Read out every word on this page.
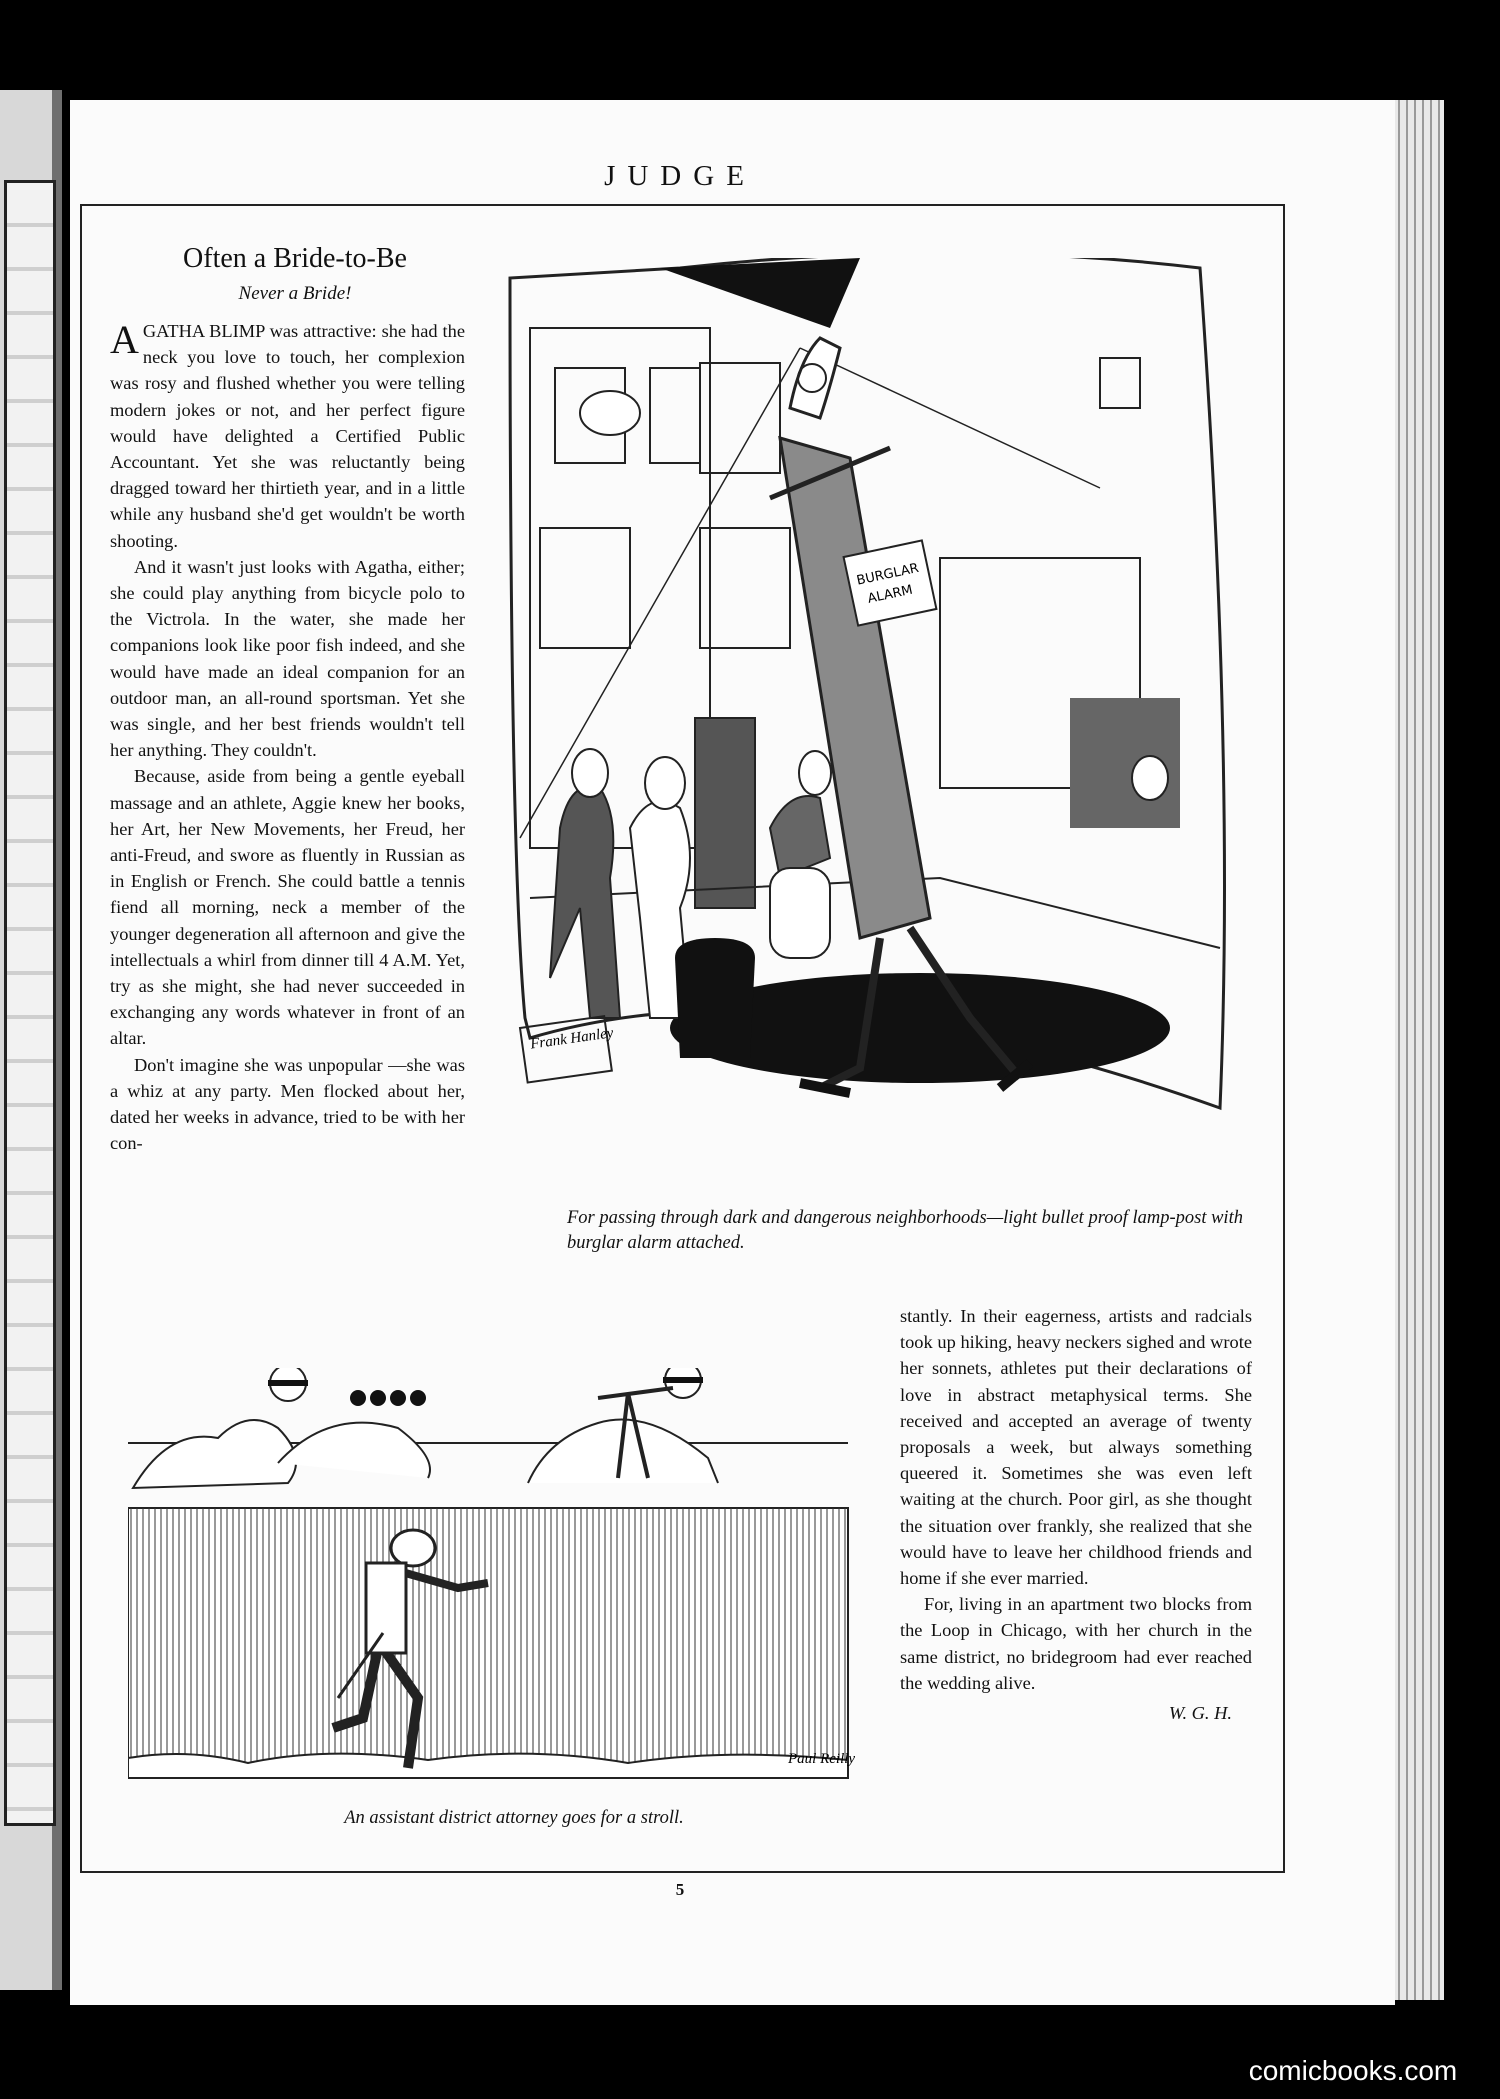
JUDGE
Often a Bride-to-Be
Never a Bride!

AGATHA BLIMP was attractive: she had the neck you love to touch, her complexion was rosy and flushed whether you were telling modern jokes or not, and her perfect figure would have delighted a Certified Public Accountant. Yet she was reluctantly being dragged toward her thirtieth year, and in a little while any husband she'd get wouldn't be worth shooting.

And it wasn't just looks with Agatha, either; she could play anything from bicycle polo to the Victrola. In the water, she made her companions look like poor fish indeed, and she would have made an ideal companion for an outdoor man, an all-round sportsman. Yet she was single, and her best friends wouldn't tell her anything. They couldn't.

Because, aside from being a gentle eyeball massage and an athlete, Aggie knew her books, her Art, her New Movements, her Freud, her anti-Freud, and swore as fluently in Russian as in English or French. She could battle a tennis fiend all morning, neck a member of the younger degeneration all afternoon and give the intellectuals a whirl from dinner till 4 A.M. Yet, try as she might, she had never succeeded in exchanging any words whatever in front of an altar.

Don't imagine she was unpopular —she was a whiz at any party. Men flocked about her, dated her weeks in advance, tried to be with her con-

BURGLAR
ALARM
Frank Hanley
For passing through dark and dangerous neighborhoods—light bullet proof lamp-post with burglar alarm attached.
Paul Reilly
An assistant district attorney goes for a stroll.

stantly. In their eagerness, artists and radcials took up hiking, heavy neckers sighed and wrote her sonnets, athletes put their declarations of love in abstract metaphysical terms. She received and accepted an average of twenty proposals a week, but always something queered it. Sometimes she was even left waiting at the church. Poor girl, as she thought the situation over frankly, she realized that she would have to leave her childhood friends and home if she ever married.

For, living in an apartment two blocks from the Loop in Chicago, with her church in the same district, no bridegroom had ever reached the wedding alive.

W. G. H.
5
comicbooks.com
